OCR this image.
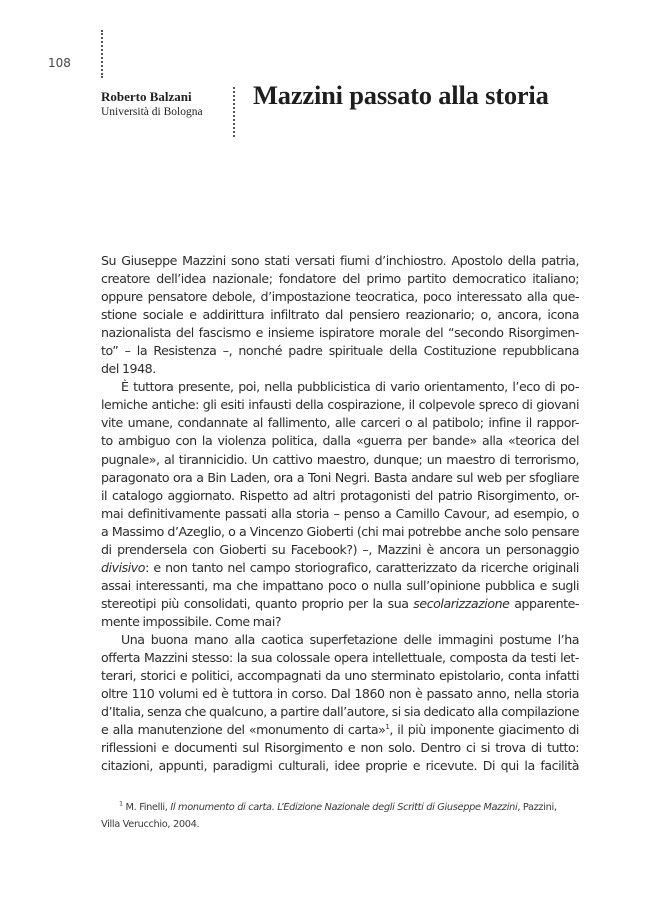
108
Roberto Balzani
Università di Bologna
Mazzini passato alla storia
Su Giuseppe Mazzini sono stati versati fiumi d’inchiostro. Apostolo della patria,
creatore dell’idea nazionale; fondatore del primo partito democratico italiano;
oppure pensatore debole, d’impostazione teocratica, poco interessato alla que-
stione sociale e addirittura infiltrato dal pensiero reazionario; o, ancora, icona
nazionalista del fascismo e insieme ispiratore morale del “secondo Risorgimen-
to” – la Resistenza –, nonché padre spirituale della Costituzione repubblicana
del 1948.
È tuttora presente, poi, nella pubblicistica di vario orientamento, l’eco di po-
lemiche antiche: gli esiti infausti della cospirazione, il colpevole spreco di giovani
vite umane, condannate al fallimento, alle carceri o al patibolo; infine il rappor-
to ambiguo con la violenza politica, dalla «guerra per bande» alla «teorica del
pugnale», al tirannicidio. Un cattivo maestro, dunque; un maestro di terrorismo,
paragonato ora a Bin Laden, ora a Toni Negri. Basta andare sul web per sfogliare
il catalogo aggiornato. Rispetto ad altri protagonisti del patrio Risorgimento, or-
mai definitivamente passati alla storia – penso a Camillo Cavour, ad esempio, o
a Massimo d’Azeglio, o a Vincenzo Gioberti (chi mai potrebbe anche solo pensare
di prendersela con Gioberti su Facebook?) –, Mazzini è ancora un personaggio
divisivo: e non tanto nel campo storiografico, caratterizzato da ricerche originali
assai interessanti, ma che impattano poco o nulla sull’opinione pubblica e sugli
stereotipi più consolidati, quanto proprio per la sua secolarizzazione apparente-
mente impossibile. Come mai?
Una buona mano alla caotica superfetazione delle immagini postume l’ha
offerta Mazzini stesso: la sua colossale opera intellettuale, composta da testi let-
terari, storici e politici, accompagnati da uno sterminato epistolario, conta infatti
oltre 110 volumi ed è tuttora in corso. Dal 1860 non è passato anno, nella storia
d’Italia, senza che qualcuno, a partire dall’autore, si sia dedicato alla compilazione
e alla manutenzione del «monumento di carta»$^1$, il più imponente giacimento di
riflessioni e documenti sul Risorgimento e non solo. Dentro ci si trova di tutto:
citazioni, appunti, paradigmi culturali, idee proprie e ricevute. Di qui la facilità
$^1$ M. Finelli, Il monumento di carta. L’Edizione Nazionale degli Scritti di Giuseppe Mazzini, Pazzini,
Villa Verucchio, 2004.
